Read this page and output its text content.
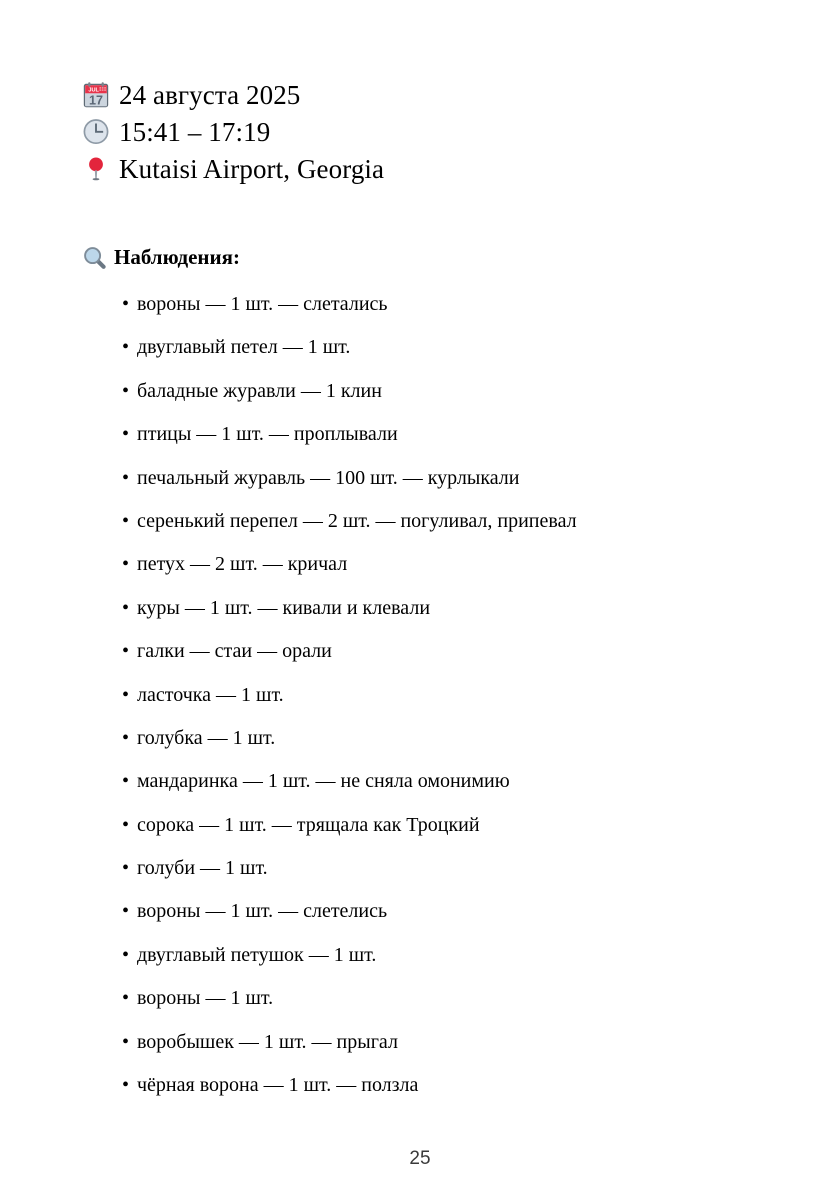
JUL
17 24 августа 2025
15:41 – 17:19
Kutaisi Airport, Georgia
Наблюдения:
• вороны — 1 шт. — слетались
• двуглавый петел — 1 шт.
• баладные журавли — 1 клин
• птицы — 1 шт. — проплывали
• печальный журавль — 100 шт. — курлыкали
• серенький перепел — 2 шт. — погуливал, припевал
• петух — 2 шт. — кричал
• куры — 1 шт. — кивали и клевали
• галки — стаи — орали
• ласточка — 1 шт.
• голубка — 1 шт.
• мандаринка — 1 шт. — не сняла омонимию
• сорока — 1 шт. — трящала как Троцкий
• голуби — 1 шт.
• вороны — 1 шт. — слетелись
• двуглавый петушок — 1 шт.
• вороны — 1 шт.
• воробышек — 1 шт. — прыгал
• чёрная ворона — 1 шт. — ползла
25
